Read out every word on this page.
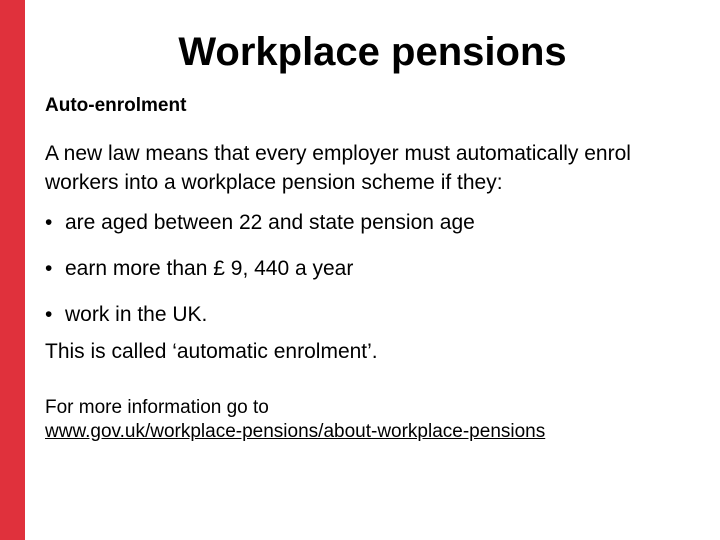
Workplace pensions

Auto-enrolment

A new law means that every employer must automatically enrol workers into a workplace pension scheme if they:

• are aged between 22 and state pension age
• earn more than £ 9, 440 a year
• work in the UK.

This is called ‘automatic enrolment’.

For more information go to
www.gov.uk/workplace-pensions/about-workplace-pensions
